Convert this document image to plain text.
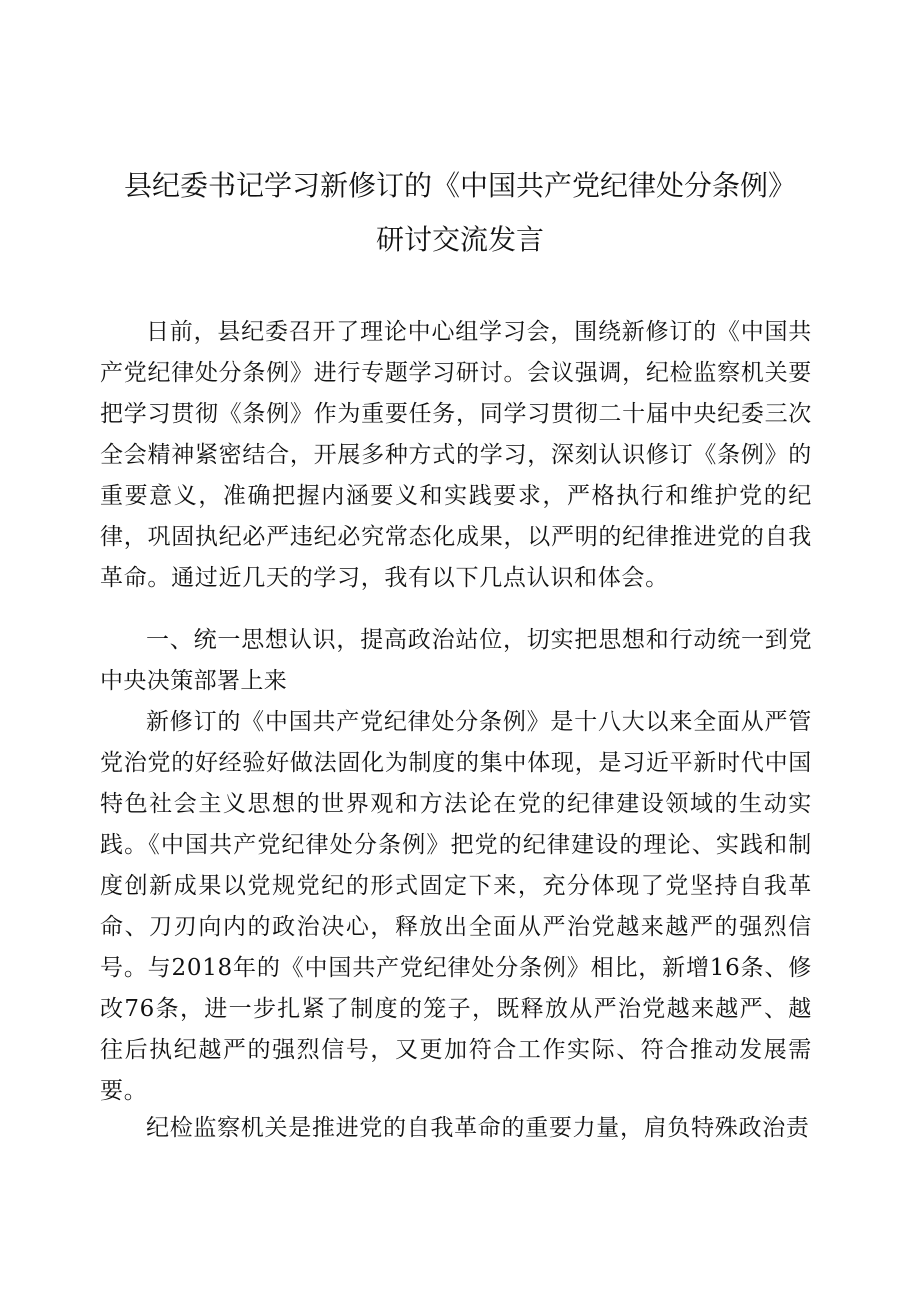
县纪委书记学习新修订的《中国共产党纪律处分条例》
研讨交流发言

日前，县纪委召开了理论中心组学习会，围绕新修订的《中国共产党纪律处分条例》进行专题学习研讨。会议强调，纪检监察机关要把学习贯彻《条例》作为重要任务，同学习贯彻二十届中央纪委三次全会精神紧密结合，开展多种方式的学习，深刻认识修订《条例》的重要意义，准确把握内涵要义和实践要求，严格执行和维护党的纪律，巩固执纪必严违纪必究常态化成果，以严明的纪律推进党的自我革命。通过近几天的学习，我有以下几点认识和体会。

一、统一思想认识，提高政治站位，切实把思想和行动统一到党中央决策部署上来

新修订的《中国共产党纪律处分条例》是十八大以来全面从严管党治党的好经验好做法固化为制度的集中体现，是习近平新时代中国特色社会主义思想的世界观和方法论在党的纪律建设领域的生动实践。《中国共产党纪律处分条例》把党的纪律建设的理论、实践和制度创新成果以党规党纪的形式固定下来，充分体现了党坚持自我革命、刀刃向内的政治决心，释放出全面从严治党越来越严的强烈信号。与2018年的《中国共产党纪律处分条例》相比，新增16条、修改76条，进一步扎紧了制度的笼子，既释放从严治党越来越严、越往后执纪越严的强烈信号，又更加符合工作实际、符合推动发展需要。

纪检监察机关是推进党的自我革命的重要力量，肩负特殊政治责
